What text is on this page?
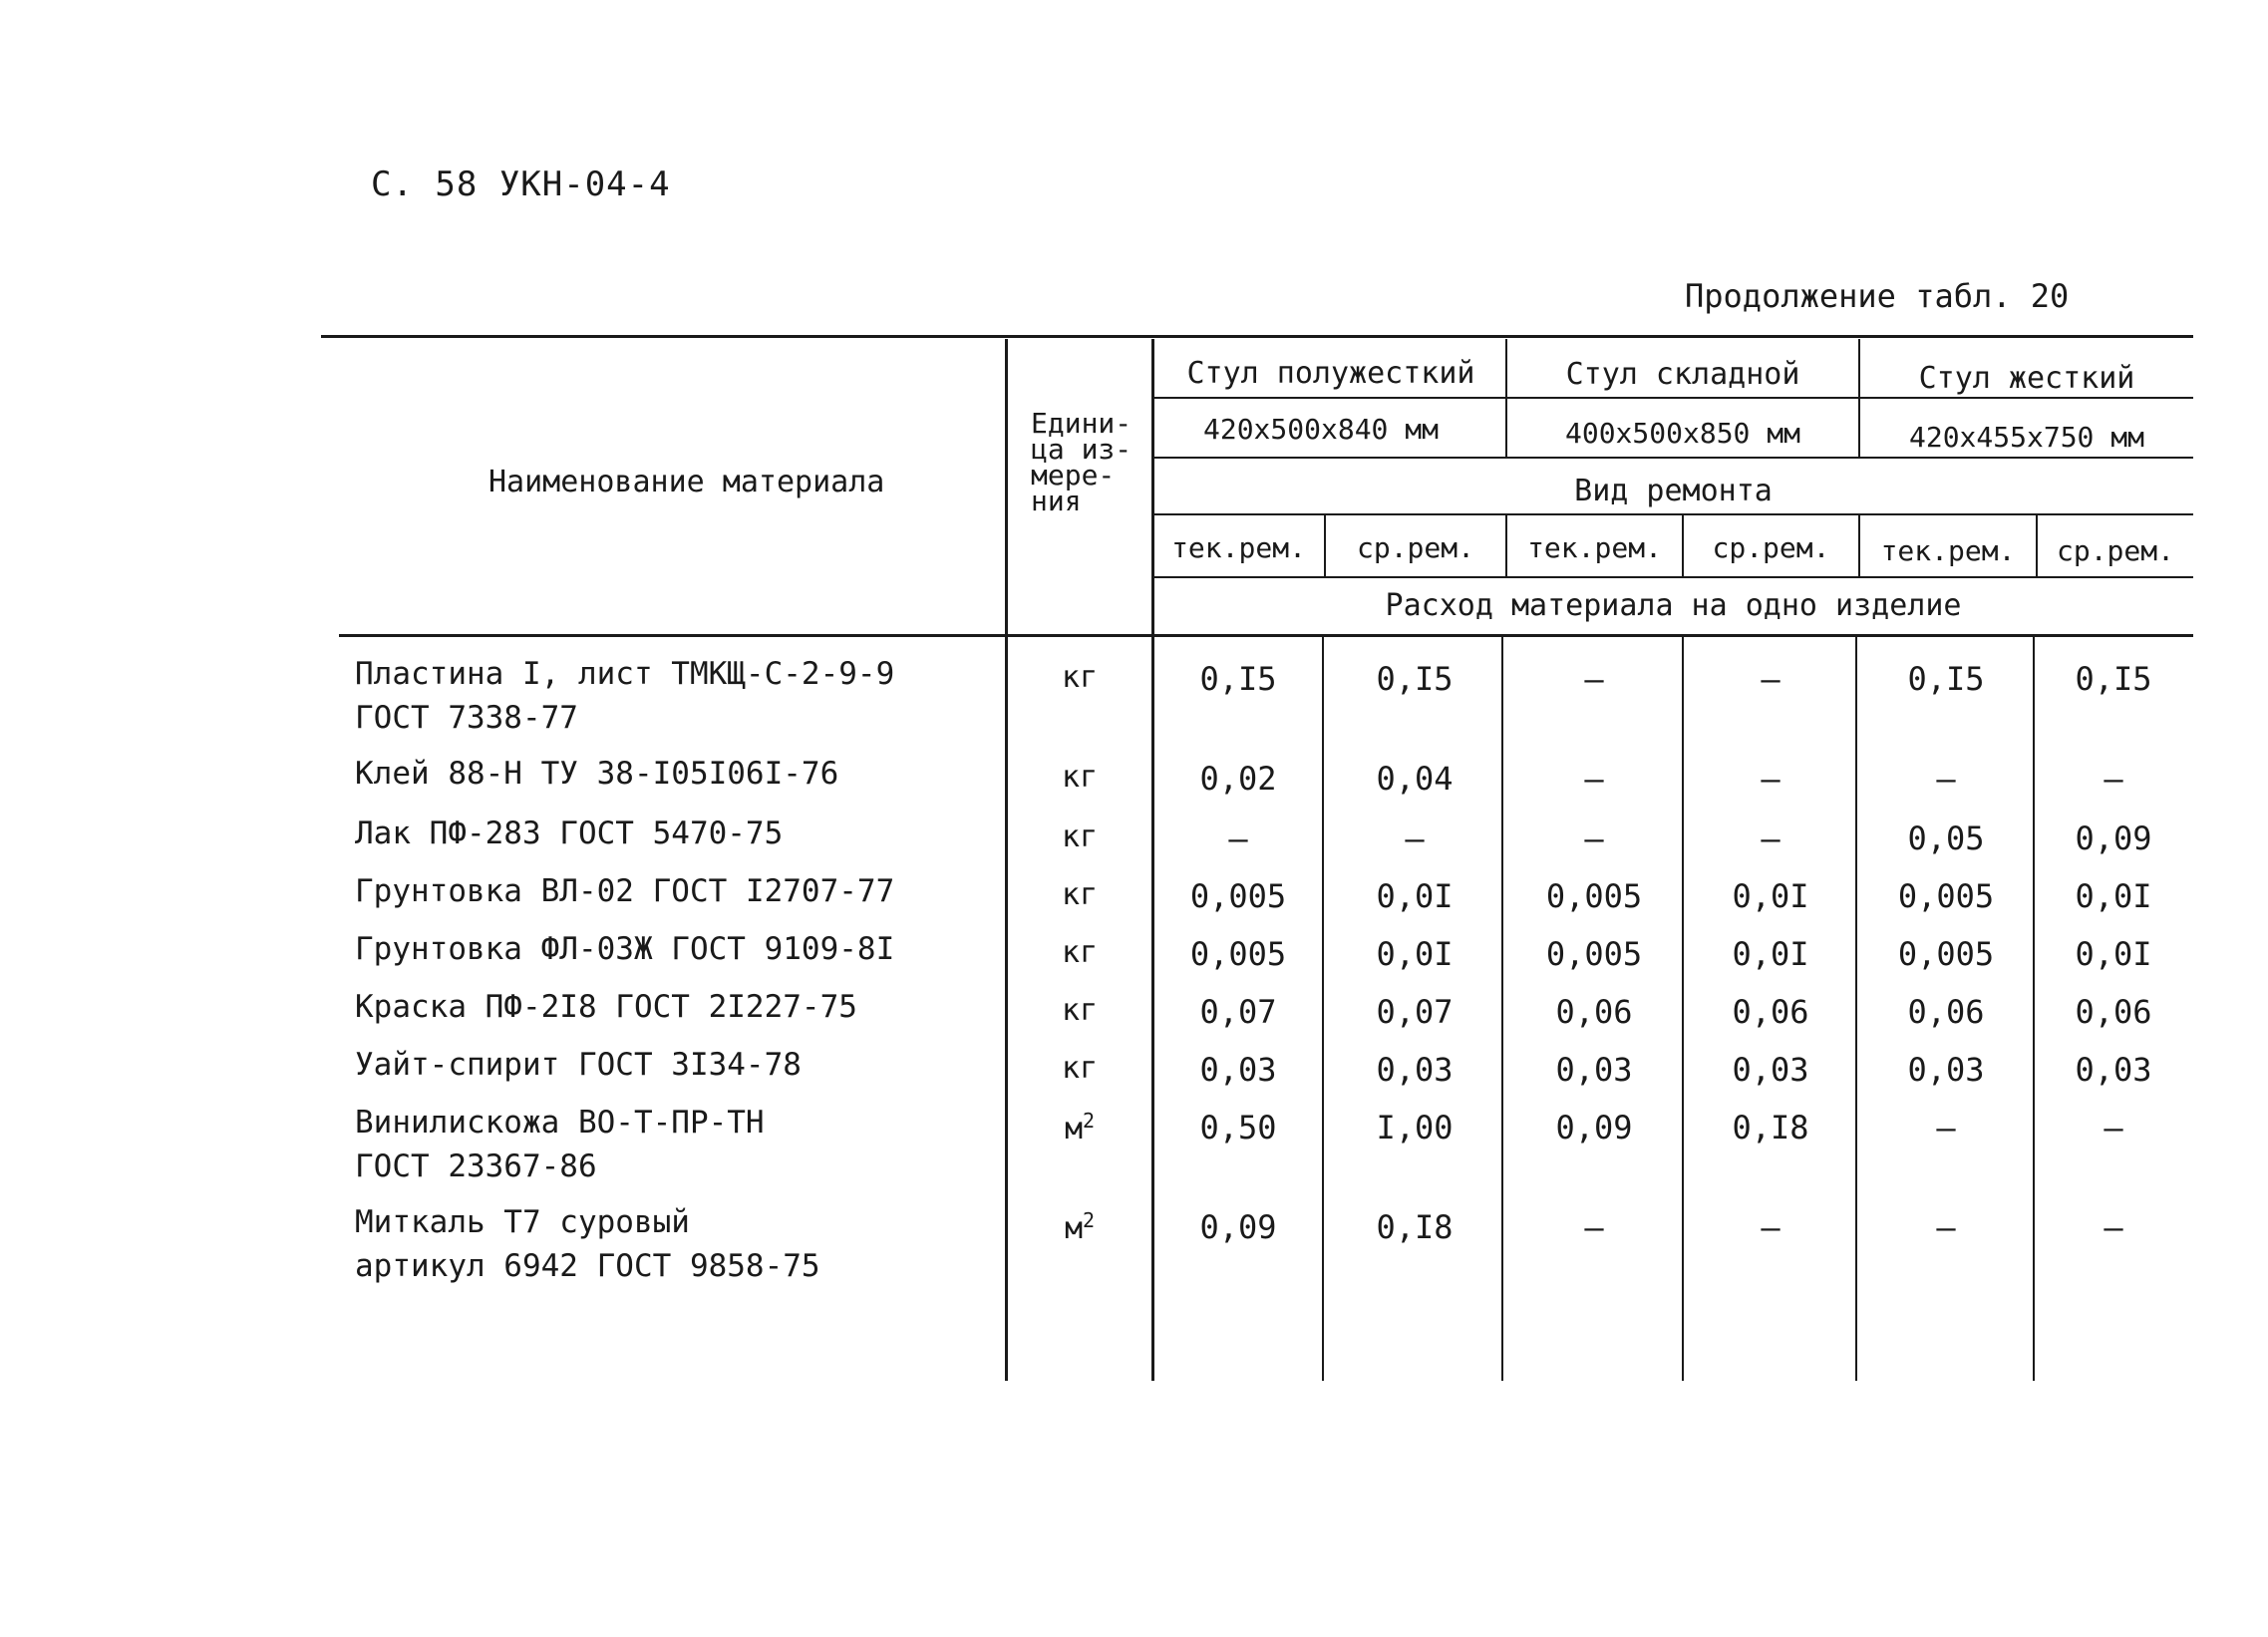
С. 58 УКН-04-4
Продолжение табл. 20
Наименование материала
Едини-
ца из-
мере-
ния
Стул полужесткий	Стул складной	Стул жесткий
420х500х840 мм	400х500х850 мм	420х455х750 мм
Вид ремонта
тек.рем.	ср.рем.	тек.рем.	ср.рем.	тек.рем.	ср.рем.
Расход материала на одно изделие
Пластина I, лист ТМКЩ-С-2-9-9
ГОСТ 7338-77
кг	0,I5	0,I5	–	–	0,I5	0,I5
Клей 88-Н ТУ 38-I05I06I-76	кг	0,02	0,04	–	–	–	–
Лак ПФ-283 ГОСТ 5470-75	кг	–	–	–	–	0,05	0,09
Грунтовка ВЛ-02 ГОСТ I2707-77	кг	0,005	0,0I	0,005	0,0I	0,005	0,0I
Грунтовка ФЛ-03Ж ГОСТ 9109-8I	кг	0,005	0,0I	0,005	0,0I	0,005	0,0I
Краска ПФ-2I8 ГОСТ 2I227-75	кг	0,07	0,07	0,06	0,06	0,06	0,06
Уайт-спирит ГОСТ 3I34-78	кг	0,03	0,03	0,03	0,03	0,03	0,03
Винилискожа ВО-Т-ПР-ТН
ГОСТ 23367-86
$м^2$	0,50	I,00	0,09	0,I8	–	–
Миткаль Т7 суровый
артикул 6942 ГОСТ 9858-75
$м^2$	0,09	0,I8	–	–	–	–
